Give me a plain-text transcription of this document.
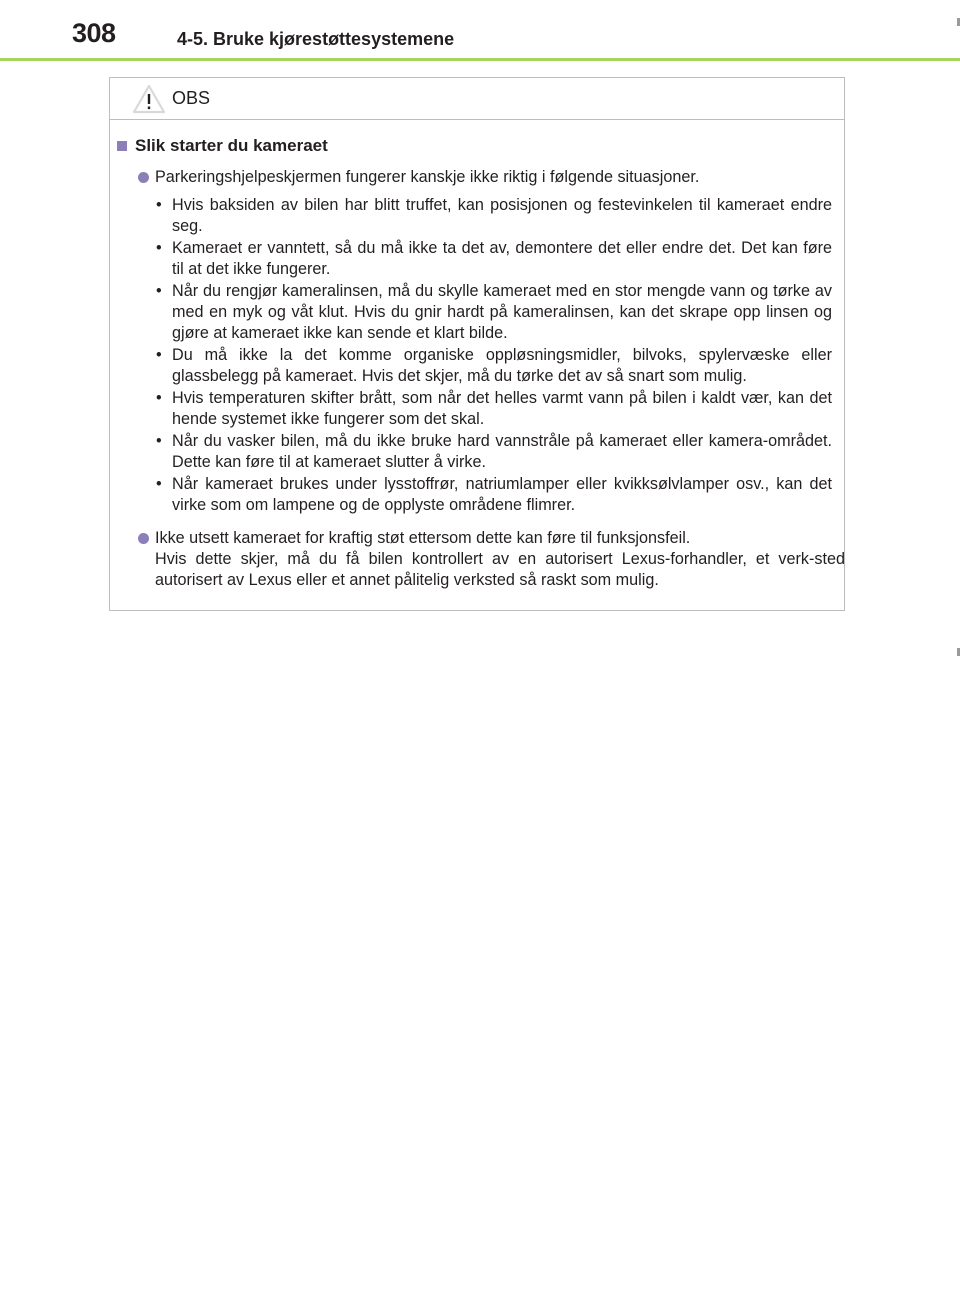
308	4-5. Bruke kjørestøttesystemene
OBS
Slik starter du kameraet
Parkeringshjelpeskjermen fungerer kanskje ikke riktig i følgende situasjoner.
• Hvis baksiden av bilen har blitt truffet, kan posisjonen og festevinkelen til kameraet endre seg.
• Kameraet er vanntett, så du må ikke ta det av, demontere det eller endre det. Det kan føre til at det ikke fungerer.
• Når du rengjør kameralinsen, må du skylle kameraet med en stor mengde vann og tørke av med en myk og våt klut. Hvis du gnir hardt på kameralinsen, kan det skrape opp linsen og gjøre at kameraet ikke kan sende et klart bilde.
• Du må ikke la det komme organiske oppløsningsmidler, bilvoks, spylervæske eller glassbelegg på kameraet. Hvis det skjer, må du tørke det av så snart som mulig.
• Hvis temperaturen skifter brått, som når det helles varmt vann på bilen i kaldt vær, kan det hende systemet ikke fungerer som det skal.
• Når du vasker bilen, må du ikke bruke hard vannstråle på kameraet eller kamera-området. Dette kan føre til at kameraet slutter å virke.
• Når kameraet brukes under lysstoffrør, natriumlamper eller kvikksølvlamper osv., kan det virke som om lampene og de opplyste områdene flimrer.
Ikke utsett kameraet for kraftig støt ettersom dette kan føre til funksjonsfeil.
Hvis dette skjer, må du få bilen kontrollert av en autorisert Lexus-forhandler, et verk-sted autorisert av Lexus eller et annet pålitelig verksted så raskt som mulig.
